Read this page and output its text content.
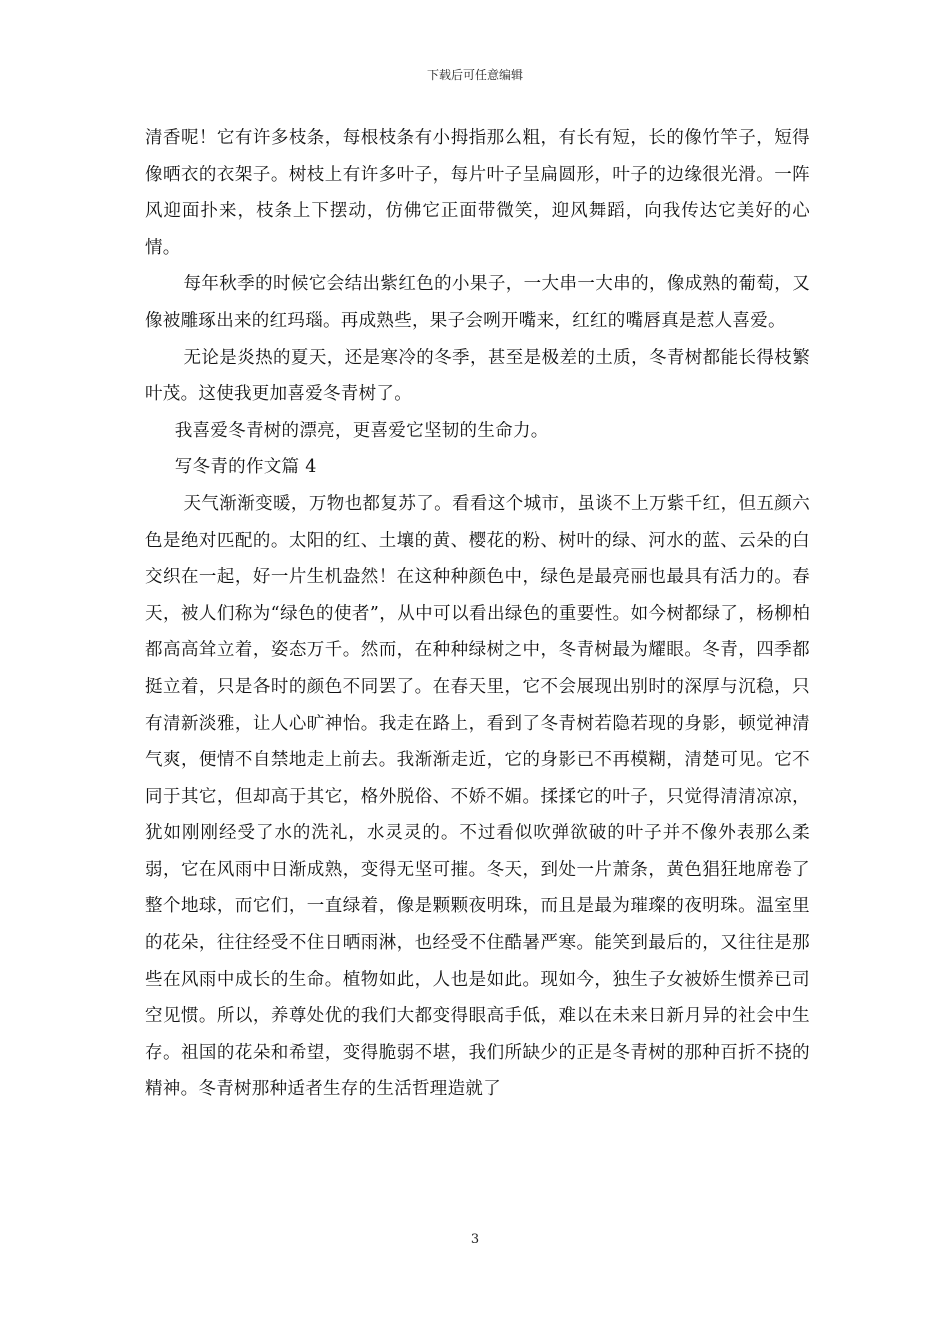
下载后可任意编辑

清香呢！它有许多枝条，每根枝条有小拇指那么粗，有长有短，长的像竹竿子，短得像晒衣的衣架子。树枝上有许多叶子，每片叶子呈扁圆形，叶子的边缘很光滑。一阵风迎面扑来，枝条上下摆动，仿佛它正面带微笑，迎风舞蹈，向我传达它美好的心情。

每年秋季的时候它会结出紫红色的小果子，一大串一大串的，像成熟的葡萄，又像被雕琢出来的红玛瑙。再成熟些，果子会咧开嘴来，红红的嘴唇真是惹人喜爱。

无论是炎热的夏天，还是寒冷的冬季，甚至是极差的土质，冬青树都能长得枝繁叶茂。这使我更加喜爱冬青树了。

我喜爱冬青树的漂亮，更喜爱它坚韧的生命力。

写冬青的作文篇 4

天气渐渐变暖，万物也都复苏了。看看这个城市，虽谈不上万紫千红，但五颜六色是绝对匹配的。太阳的红、土壤的黄、樱花的粉、树叶的绿、河水的蓝、云朵的白交织在一起，好一片生机盎然！在这种种颜色中，绿色是最亮丽也最具有活力的。春天，被人们称为“绿色的使者”，从中可以看出绿色的重要性。如今树都绿了，杨柳柏都高高耸立着，姿态万千。然而，在种种绿树之中，冬青树最为耀眼。冬青，四季都挺立着，只是各时的颜色不同罢了。在春天里，它不会展现出别时的深厚与沉稳，只有清新淡雅，让人心旷神怡。我走在路上，看到了冬青树若隐若现的身影，顿觉神清气爽，便情不自禁地走上前去。我渐渐走近，它的身影已不再模糊，清楚可见。它不同于其它，但却高于其它，格外脱俗、不娇不媚。揉揉它的叶子，只觉得清清凉凉，犹如刚刚经受了水的洗礼，水灵灵的。不过看似吹弹欲破的叶子并不像外表那么柔弱，它在风雨中日渐成熟，变得无坚可摧。冬天，到处一片萧条，黄色猖狂地席卷了整个地球，而它们，一直绿着，像是颗颗夜明珠，而且是最为璀璨的夜明珠。温室里的花朵，往往经受不住日晒雨淋，也经受不住酷暑严寒。能笑到最后的，又往往是那些在风雨中成长的生命。植物如此，人也是如此。现如今，独生子女被娇生惯养已司空见惯。所以，养尊处优的我们大都变得眼高手低，难以在未来日新月异的社会中生存。祖国的花朵和希望，变得脆弱不堪，我们所缺少的正是冬青树的那种百折不挠的精神。冬青树那种适者生存的生活哲理造就了

3
